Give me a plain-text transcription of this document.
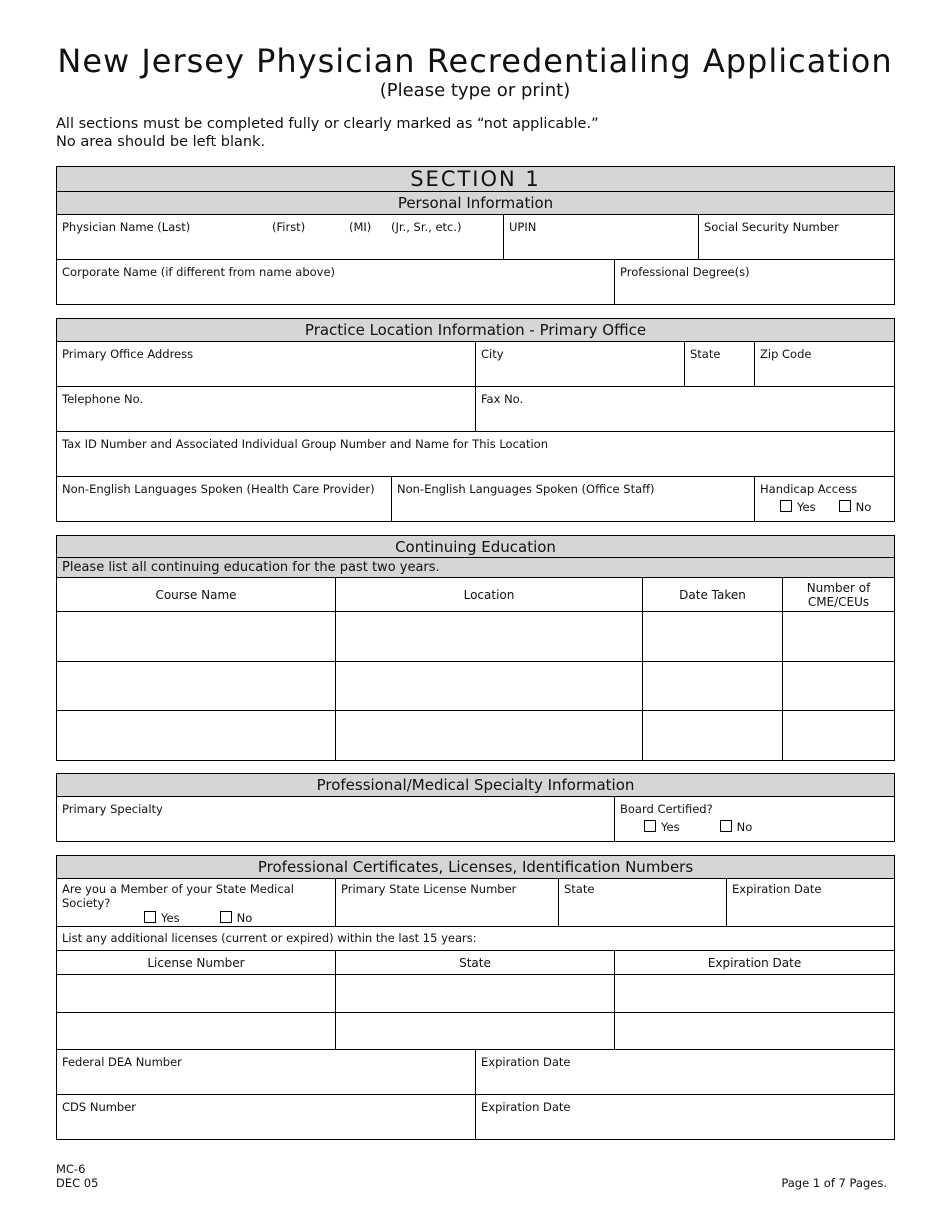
New Jersey Physician Recredentialing Application
(Please type or print)
All sections must be completed fully or clearly marked as “not applicable.”
No area should be left blank.
SECTION 1			
Personal Information			

Physician Name (Last) (First) (MI) (Jr., Sr., etc.)	UPIN		Social Security Number

Corporate Name (if different from name above)		Professional Degree(s)	
Practice Location Information - Primary Office				

Primary Office Address		City	State	Zip Code

Telephone No.		Fax No.		

Tax ID Number and Associated Individual Group Number and Name for This Location				

Non-English Languages Spoken (Health Care Provider)	Non-English Languages Spoken (Office Staff)			Handicap Access
Yes No
Continuing Education			
Please list all continuing education for the past two years.			
Course Name	Location	Date Taken	Number of
CME/CEUs

Professional/Medical Specialty Information

Primary Specialty	Board Certified?
Yes	No
Professional Certificates, Licenses, Identification Numbers					

Are you a Member of your State Medical Society?
Yes No	Primary State License Number		State		Expiration Date

List any additional licenses (current or expired) within the last 15 years:					

License Number	State			Expiration Date	

Federal DEA Number		Expiration Date			

CDS Number		Expiration Date			
MC-6
DEC 05	Page 1 of 7 Pages.
